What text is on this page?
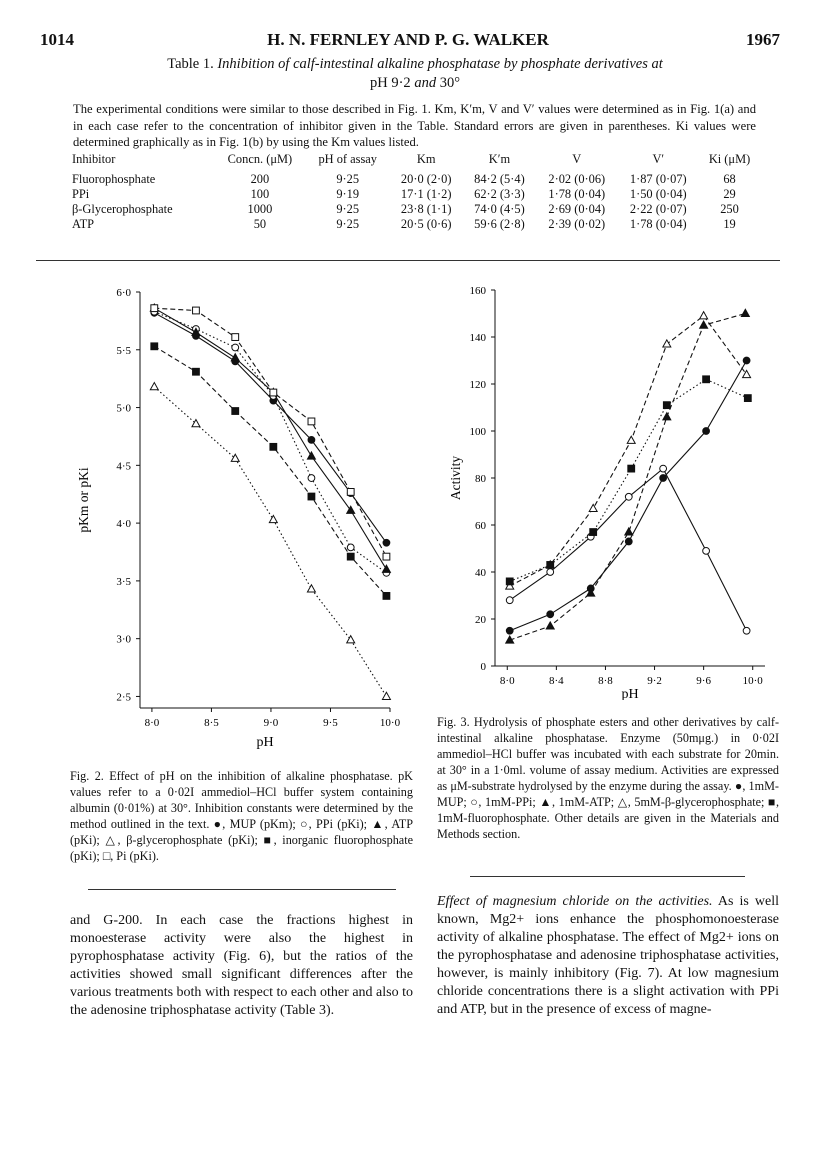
1014	H. N. FERNLEY AND P. G. WALKER	1967
Table 1. Inhibition of calf-intestinal alkaline phosphatase by phosphate derivatives at
pH 9·2 and 30°
The experimental conditions were similar to those described in Fig. 1. Km, K′m, V and V′ values were determined as in Fig. 1(a) and in each case refer to the concentration of inhibitor given in the Table. Standard errors are given in parentheses. Ki values were determined graphically as in Fig. 1(b) by using the Km values listed.
Inhibitor	Concn. (μM)	pH of assay	Km	K′m	V	V′	Ki (μM)
Fluorophosphate	200	9·25	20·0 (2·0)	84·2 (5·4)	2·02 (0·06)	1·87 (0·07)	68
PPi	100	9·19	17·1 (1·2)	62·2 (3·3)	1·78 (0·04)	1·50 (0·04)	29
β-Glycerophosphate	1000	9·25	23·8 (1·1)	74·0 (4·5)	2·69 (0·04)	2·22 (0·07)	250
ATP	50	9·25	20·5 (0·6)	59·6 (2·8)	2·39 (0·02)	1·78 (0·04)	19
8·0	8·5	9·0	9·5	10·0
2·5
3·0
3·5
4·0
4·5
5·0
5·5
6·0
pH
pKm or pKi
8·0	8·4	8·8	9·2	9·6	10·0
0
20
40
60
80
100
120
140
160
pH
Activity
Fig. 2. Effect of pH on the inhibition of alkaline phosphatase. pK values refer to a 0·02I ammediol–HCl buffer system containing albumin (0·01%) at 30°. Inhibition constants were determined by the method outlined in the text. ●, MUP (pKm); ○, PPi (pKi); ▲, ATP (pKi); △, β-glycerophosphate (pKi); ■, inorganic fluorophosphate (pKi); □, Pi (pKi).
Fig. 3. Hydrolysis of phosphate esters and other derivatives by calf-intestinal alkaline phosphatase. Enzyme (50mμg.) in 0·02I ammediol–HCl buffer was incubated with each substrate for 20min. at 30° in a 1·0ml. volume of assay medium. Activities are expressed as μM-substrate hydrolysed by the enzyme during the assay. ●, 1mM-MUP; ○, 1mM-PPi; ▲, 1mM-ATP; △, 5mM-β-glycerophosphate; ■, 1mM-fluorophosphate. Other details are given in the Materials and Methods section.
and G-200. In each case the fractions highest in monoesterase activity were also the highest in pyrophosphatase activity (Fig. 6), but the ratios of the activities showed small significant differences after the various treatments both with respect to each other and also to the adenosine triphosphatase activity (Table 3).
Effect of magnesium chloride on the activities. As is well known, Mg2+ ions enhance the phosphomonoesterase activity of alkaline phosphatase. The effect of Mg2+ ions on the pyrophosphatase and adenosine triphosphatase activities, however, is mainly inhibitory (Fig. 7). At low magnesium chloride concentrations there is a slight activation with PPi and ATP, but in the presence of excess of magne-
